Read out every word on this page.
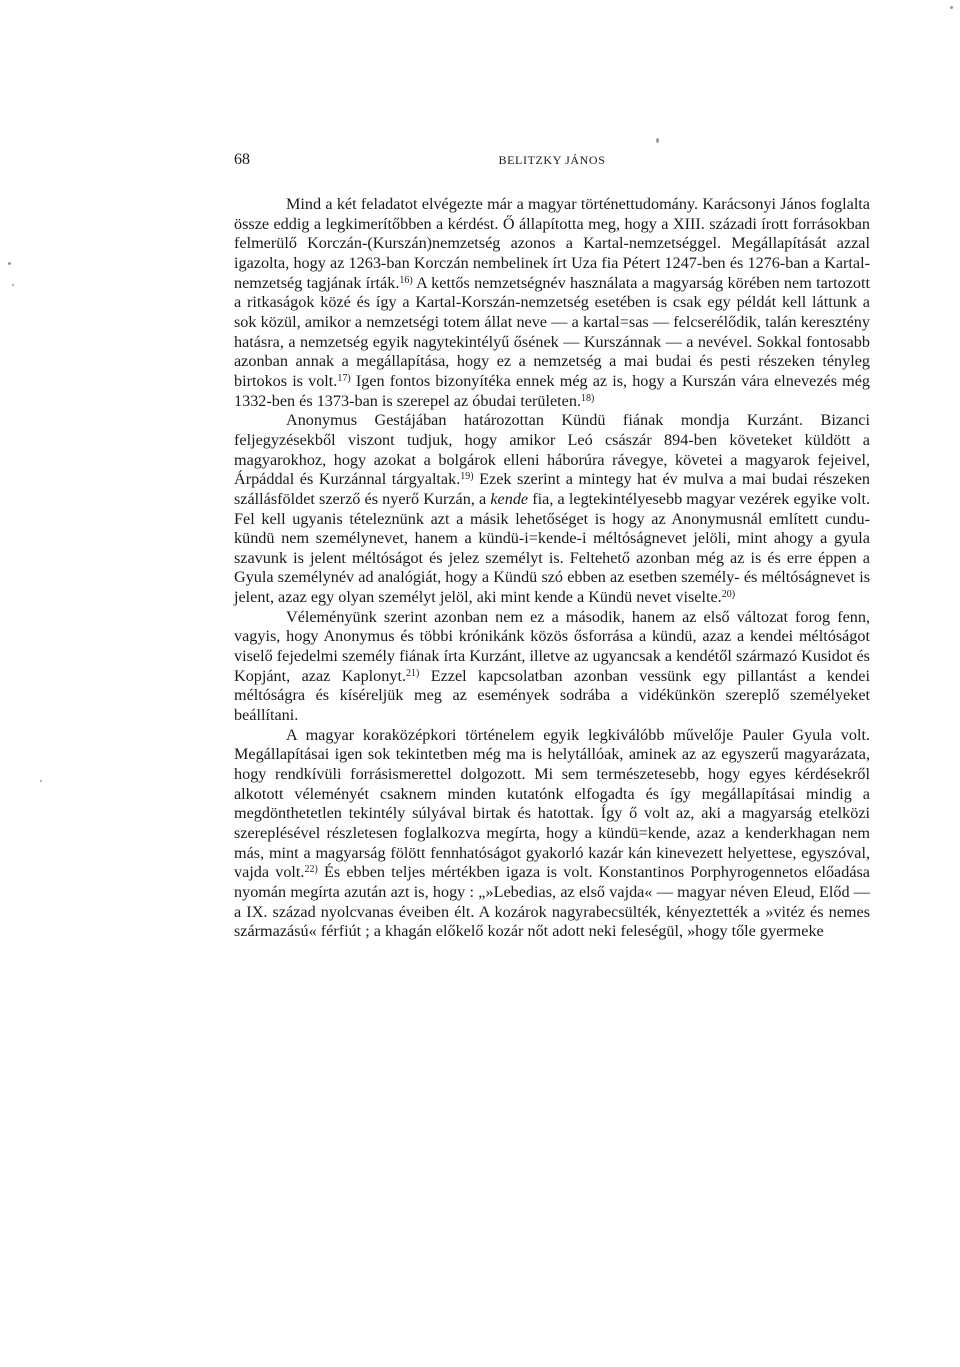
68	BELITZKY JÁNOS

Mind a két feladatot elvégezte már a magyar történettudomány. Karácsonyi János foglalta össze eddig a legkimerítőbben a kérdést. Ő állapította meg, hogy a XIII. századi írott forrásokban felmerülő Korczán-(Kurszán)nemzetség azonos a Kartal-nemzetséggel. Megállapítását azzal igazolta, hogy az 1263-ban Korczán nembelinek írt Uza fia Pétert 1247-ben és 1276-ban a Kartal-nemzetség tagjának írták.$^{16)}$ A kettős nemzetségnév használata a magyarság körében nem tartozott a ritkaságok közé és így a Kartal-Korszán-nemzetség esetében is csak egy példát kell láttunk a sok közül, amikor a nemzetségi totem állat neve — a kartal=sas — felcserélődik, talán keresztény hatásra, a nemzetség egyik nagytekintélyű ősének — Kurszánnak — a nevével. Sokkal fontosabb azonban annak a megállapítása, hogy ez a nemzetség a mai budai és pesti részeken tényleg birtokos is volt.$^{17)}$ Igen fontos bizonyítéka ennek még az is, hogy a Kurszán vára elnevezés még 1332-ben és 1373-ban is szerepel az óbudai területen.$^{18)}$

Anonymus Gestájában határozottan Kündü fiának mondja Kurzánt. Bizanci feljegyzésekből viszont tudjuk, hogy amikor Leó császár 894-ben követeket küldött a magyarokhoz, hogy azokat a bolgárok elleni háborúra rávegye, követei a magyarok fejeivel, Árpáddal és Kurzánnal tárgyaltak.$^{19)}$ Ezek szerint a mintegy hat év mulva a mai budai részeken szállásföldet szerző és nyerő Kurzán, a kende fia, a legtekintélyesebb magyar vezérek egyike volt. Fel kell ugyanis tételeznünk azt a másik lehetőséget is hogy az Anonymusnál említett cundu-kündü nem személynevet, hanem a kündü-i=kende-i méltóságnevet jelöli, mint ahogy a gyula szavunk is jelent méltóságot és jelez személyt is. Feltehető azonban még az is és erre éppen a Gyula személynév ad analógiát, hogy a Kündü szó ebben az esetben személy- és méltóságnevet is jelent, azaz egy olyan személyt jelöl, aki mint kende a Kündü nevet viselte.$^{20)}$

Véleményünk szerint azonban nem ez a második, hanem az első változat forog fenn, vagyis, hogy Anonymus és többi krónikánk közös ősforrása a kündü, azaz a kendei méltóságot viselő fejedelmi személy fiának írta Kurzánt, illetve az ugyancsak a kendétől származó Kusidot és Kopjánt, azaz Kaplonyt.$^{21)}$ Ezzel kapcsolatban azonban vessünk egy pillantást a kendei méltóságra és kíséreljük meg az események sodrába a vidékünkön szereplő személyeket beállítani.

A magyar koraközépkori történelem egyik legkiválóbb művelője Pauler Gyula volt. Megállapításai igen sok tekintetben még ma is helytállóak, aminek az az egyszerű magyarázata, hogy rendkívüli forrásismerettel dolgozott. Mi sem természetesebb, hogy egyes kérdésekről alkotott véleményét csaknem minden kutatónk elfogadta és így megállapításai mindig a megdönthetetlen tekintély súlyával birtak és hatottak. Így ő volt az, aki a magyarság etelközi szereplésével részletesen foglalkozva megírta, hogy a kündü=kende, azaz a kenderkhagan nem más, mint a magyarság fölött fennhatóságot gyakorló kazár kán kinevezett helyettese, egyszóval, vajda volt.$^{22)}$ És ebben teljes mértékben igaza is volt. Konstantinos Porphyrogennetos előadása nyomán megírta azután azt is, hogy : „»Lebedias, az első vajda« — magyar néven Eleud, Előd — a IX. század nyolcvanas éveiben élt. A kozárok nagyrabecsülték, kényeztették a »vitéz és nemes származású« férfiút ; a khagán előkelő kozár nőt adott neki feleségül, »hogy tőle gyermeke
